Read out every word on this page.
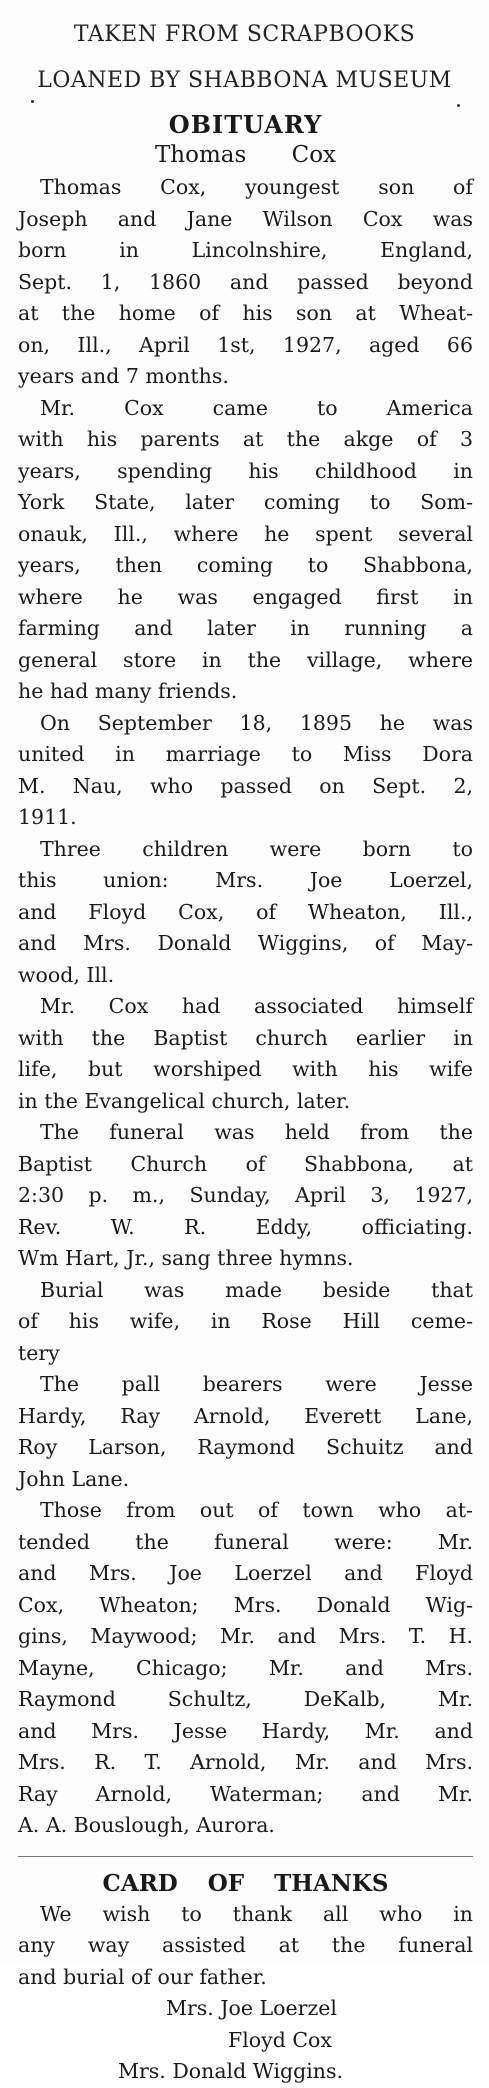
TAKEN FROM SCRAPBOOKS
LOANED BY SHABBONA MUSEUM

OBITUARY

Thomas Cox

Thomas Cox, youngest son of
Joseph and Jane Wilson Cox was
born in Lincolnshire, England,
Sept. 1, 1860 and passed beyond
at the home of his son at Wheat-
on, Ill., April 1st, 1927, aged 66
years and 7 months.
Mr. Cox came to America
with his parents at the akge of 3
years, spending his childhood in
York State, later coming to Som-
onauk, Ill., where he spent several
years, then coming to Shabbona,
where he was engaged first in
farming and later in running a
general store in the village, where
he had many friends.
On September 18, 1895 he was
united in marriage to Miss Dora
M. Nau, who passed on Sept. 2,
1911.
Three children were born to
this union: Mrs. Joe Loerzel,
and Floyd Cox, of Wheaton, Ill.,
and Mrs. Donald Wiggins, of May-
wood, Ill.
Mr. Cox had associated himself
with the Baptist church earlier in
life, but worshiped with his wife
in the Evangelical church, later.
The funeral was held from the
Baptist Church of Shabbona, at
2:30 p. m., Sunday, April 3, 1927,
Rev. W. R. Eddy, officiating.
Wm Hart, Jr., sang three hymns.
Burial was made beside that
of his wife, in Rose Hill ceme-
tery
The pall bearers were Jesse
Hardy, Ray Arnold, Everett Lane,
Roy Larson, Raymond Schuitz and
John Lane.
Those from out of town who at-
tended the funeral were: Mr.
and Mrs. Joe Loerzel and Floyd
Cox, Wheaton; Mrs. Donald Wig-
gins, Maywood; Mr. and Mrs. T. H.
Mayne, Chicago; Mr. and Mrs.
Raymond Schultz, DeKalb, Mr.
and Mrs. Jesse Hardy, Mr. and
Mrs. R. T. Arnold, Mr. and Mrs.
Ray Arnold, Waterman; and Mr.
A. A. Bouslough, Aurora.

CARD OF THANKS

We wish to thank all who in
any way assisted at the funeral
and burial of our father.

Mrs. Joe Loerzel

Floyd Cox

Mrs. Donald Wiggins.
